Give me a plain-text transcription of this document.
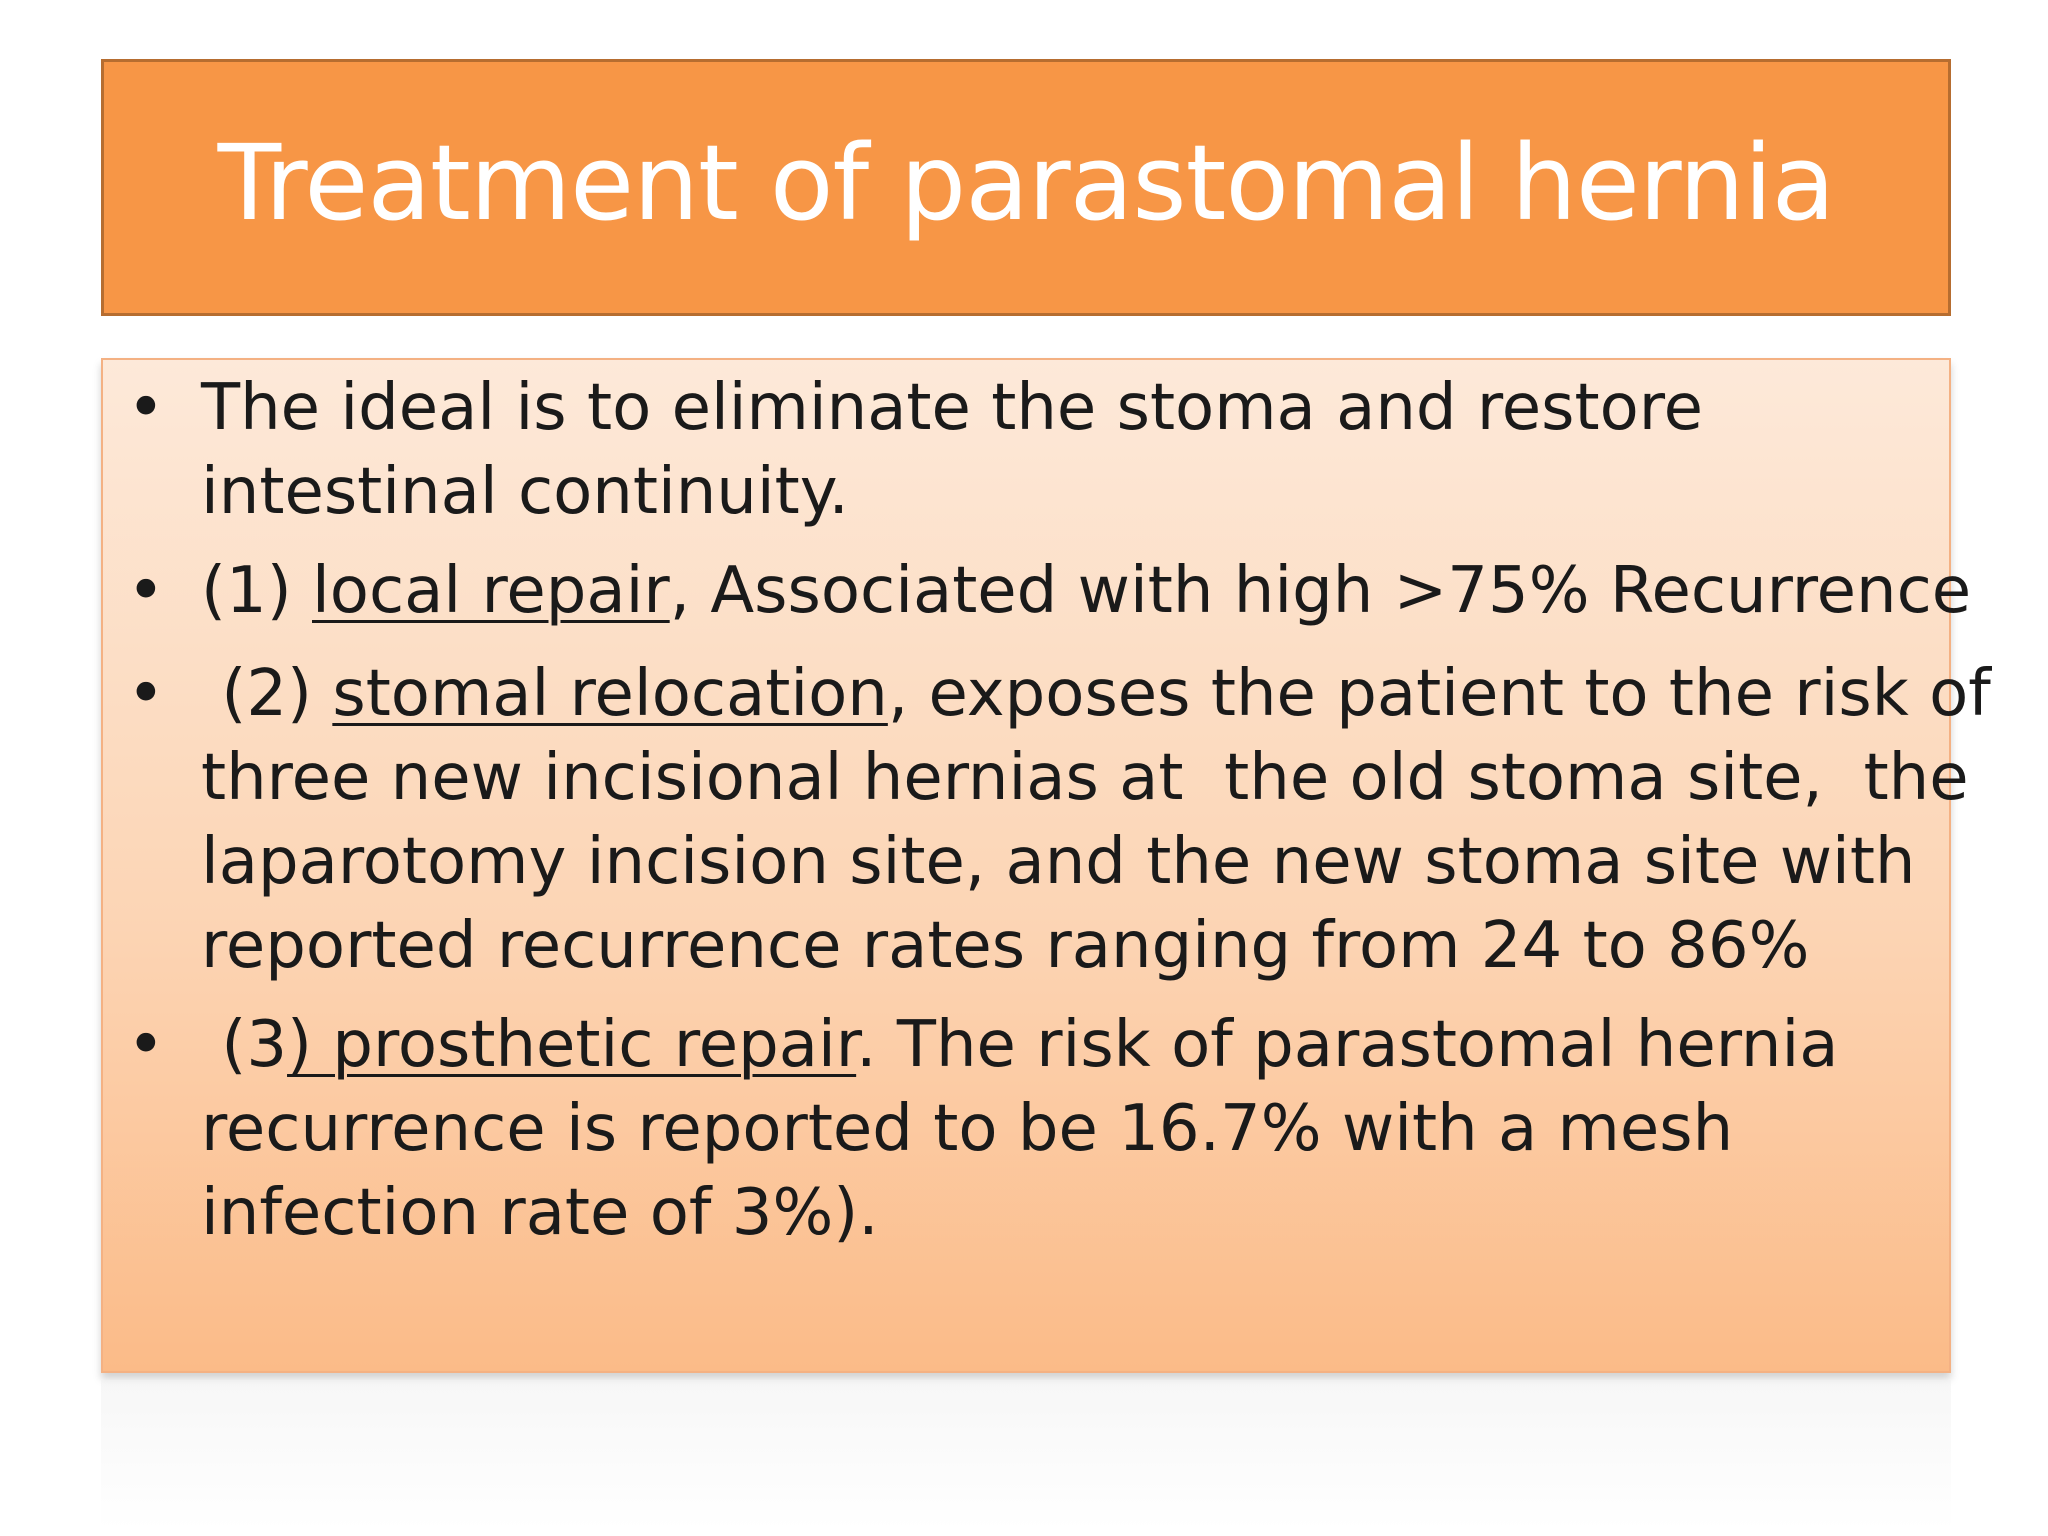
Treatment of parastomal hernia
• The ideal is to eliminate the stoma and restore
intestinal continuity.
• (1) local repair, Associated with high >75% Recurrence
• (2) stomal relocation, exposes the patient to the risk of
three new incisional hernias at  the old stoma site,  the
laparotomy incision site, and the new stoma site with
reported recurrence rates ranging from 24 to 86%
• (3) prosthetic repair. The risk of parastomal hernia
recurrence is reported to be 16.7% with a mesh
infection rate of 3%).
